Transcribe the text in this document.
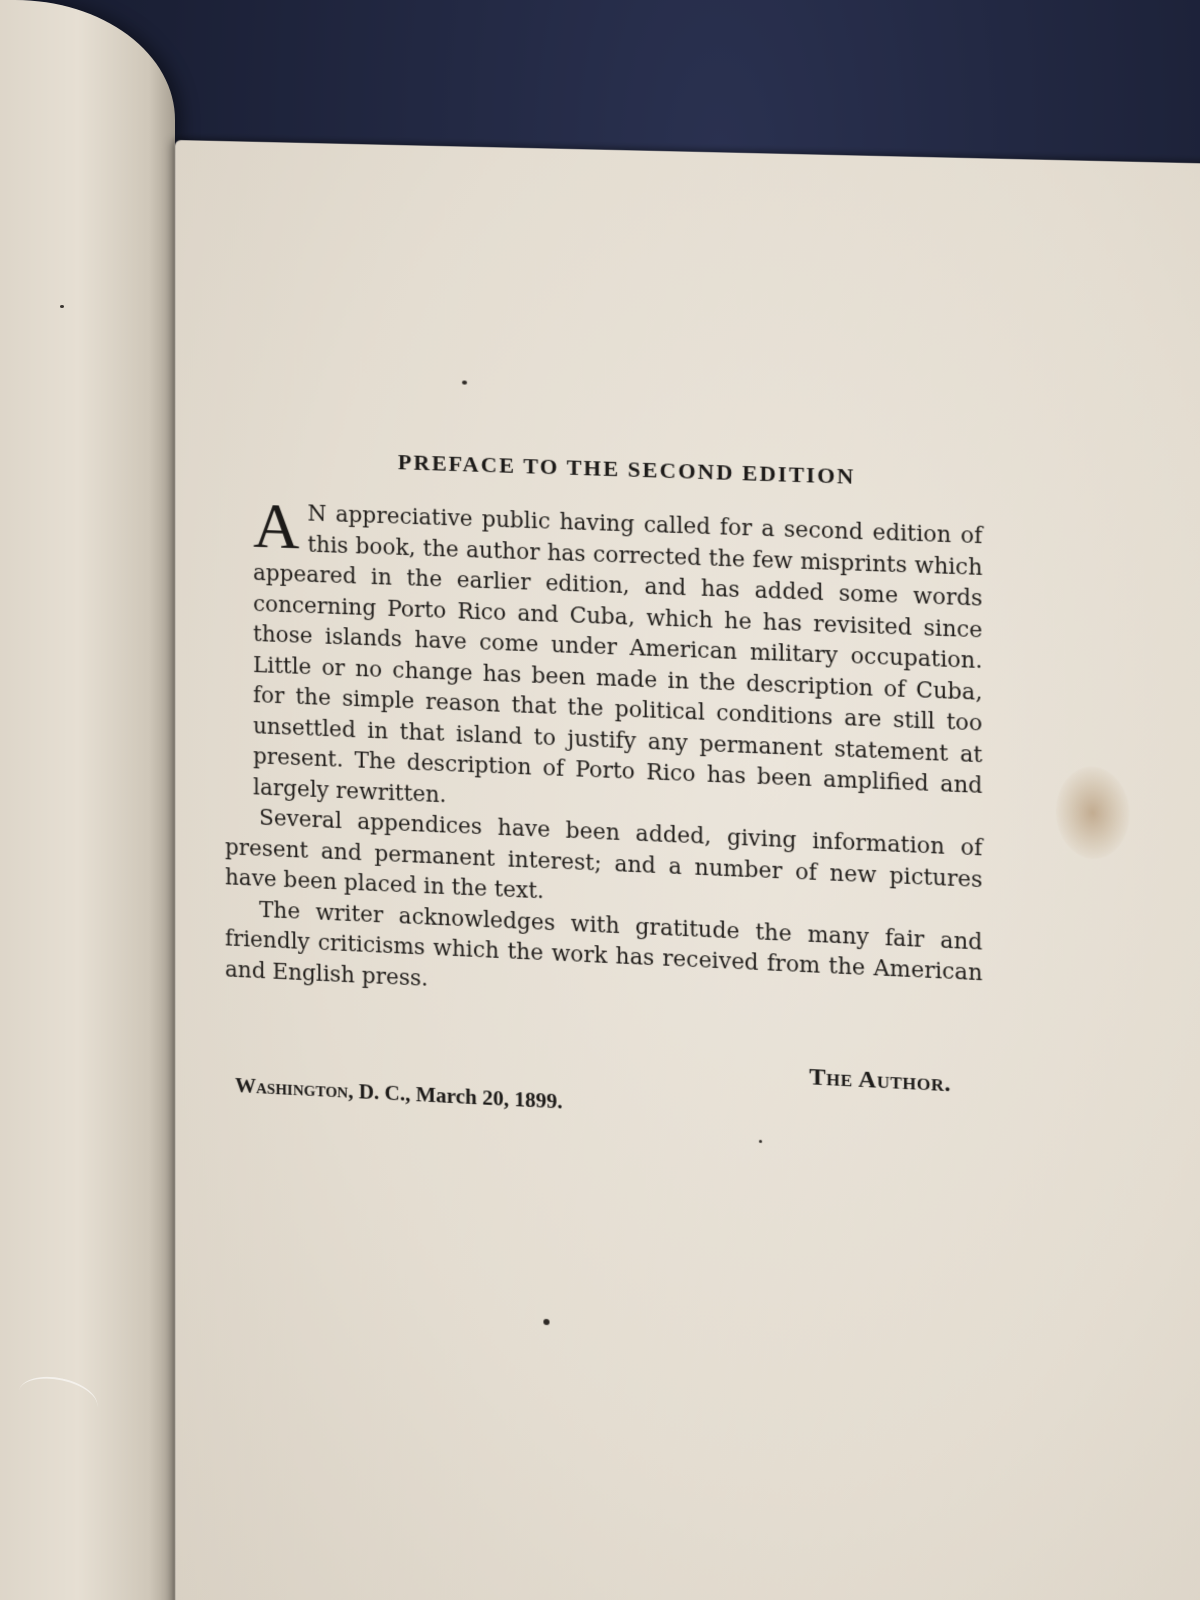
PREFACE TO THE SECOND EDITION

A N appreciative public having called for a second edition of this book, the author has corrected the few misprints which appeared in the earlier edition, and has added some words concerning Porto Rico and Cuba, which he has revisited since those islands have come under American military occupation. Little or no change has been made in the description of Cuba, for the simple reason that the political conditions are still too unsettled in that island to justify any permanent statement at present. The description of Porto Rico has been amplified and largely rewritten.

Several appendices have been added, giving information of present and permanent interest; and a number of new pictures have been placed in the text.

The writer acknowledges with gratitude the many fair and friendly criticisms which the work has received from the American and English press.

The Author.
Washington, D. C., March 20, 1899.
